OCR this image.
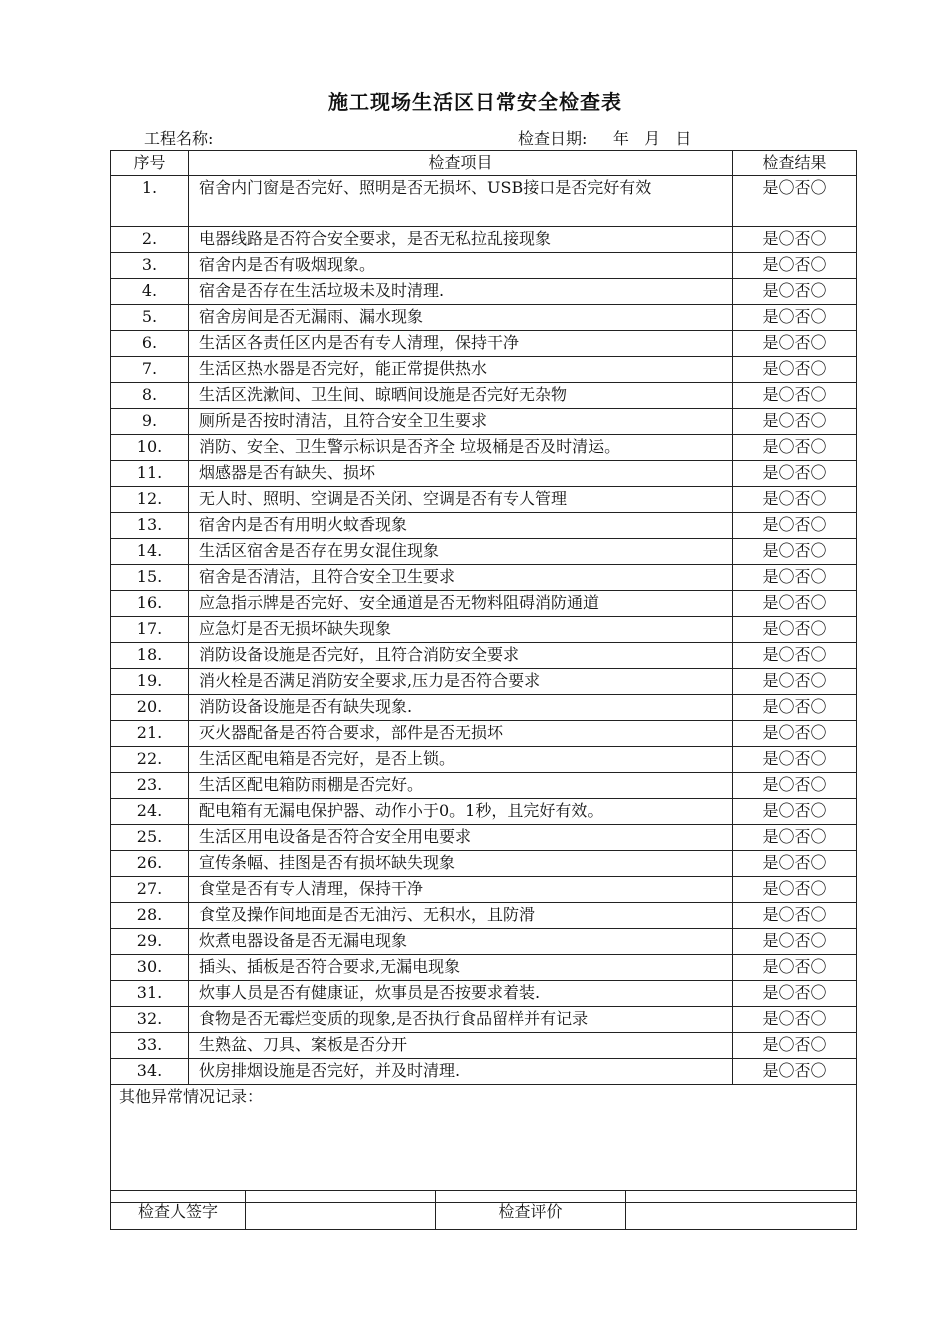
施工现场生活区日常安全检查表
工程名称:	检查日期:     年   月   日
序号	检查项目	检查结果
1.	宿舍内门窗是否完好、照明是否无损坏、USB接口是否完好有效	是〇否〇
2.	电器线路是否符合安全要求，是否无私拉乱接现象	是〇否〇
3.	宿舍内是否有吸烟现象。	是〇否〇
4.	宿舍是否存在生活垃圾未及时清理.	是〇否〇
5.	宿舍房间是否无漏雨、漏水现象	是〇否〇
6.	生活区各责任区内是否有专人清理，保持干净	是〇否〇
7.	生活区热水器是否完好，能正常提供热水	是〇否〇
8.	生活区洗漱间、卫生间、晾晒间设施是否完好无杂物	是〇否〇
9.	厕所是否按时清洁，且符合安全卫生要求	是〇否〇
10.	消防、安全、卫生警示标识是否齐全 垃圾桶是否及时清运。	是〇否〇
11.	烟感器是否有缺失、损坏	是〇否〇
12.	无人时、照明、空调是否关闭、空调是否有专人管理	是〇否〇
13.	宿舍内是否有用明火蚊香现象	是〇否〇
14.	生活区宿舍是否存在男女混住现象	是〇否〇
15.	宿舍是否清洁，且符合安全卫生要求	是〇否〇
16.	应急指示牌是否完好、安全通道是否无物料阻碍消防通道	是〇否〇
17.	应急灯是否无损坏缺失现象	是〇否〇
18.	消防设备设施是否完好，且符合消防安全要求	是〇否〇
19.	消火栓是否满足消防安全要求,压力是否符合要求	是〇否〇
20.	消防设备设施是否有缺失现象.	是〇否〇
21.	灭火器配备是否符合要求，部件是否无损坏	是〇否〇
22.	生活区配电箱是否完好，是否上锁。	是〇否〇
23.	生活区配电箱防雨棚是否完好。	是〇否〇
24.	配电箱有无漏电保护器、动作小于0。1秒，且完好有效。	是〇否〇
25.	生活区用电设备是否符合安全用电要求	是〇否〇
26.	宣传条幅、挂图是否有损坏缺失现象	是〇否〇
27.	食堂是否有专人清理，保持干净	是〇否〇
28.	食堂及操作间地面是否无油污、无积水，且防滑	是〇否〇
29.	炊煮电器设备是否无漏电现象	是〇否〇
30.	插头、插板是否符合要求,无漏电现象	是〇否〇
31.	炊事人员是否有健康证，炊事员是否按要求着装.	是〇否〇
32.	食物是否无霉烂变质的现象,是否执行食品留样并有记录	是〇否〇
33.	生熟盆、刀具、案板是否分开	是〇否〇
34.	伙房排烟设施是否完好，并及时清理.	是〇否〇
其他异常情况记录：		
检查人签字		检查评价	
